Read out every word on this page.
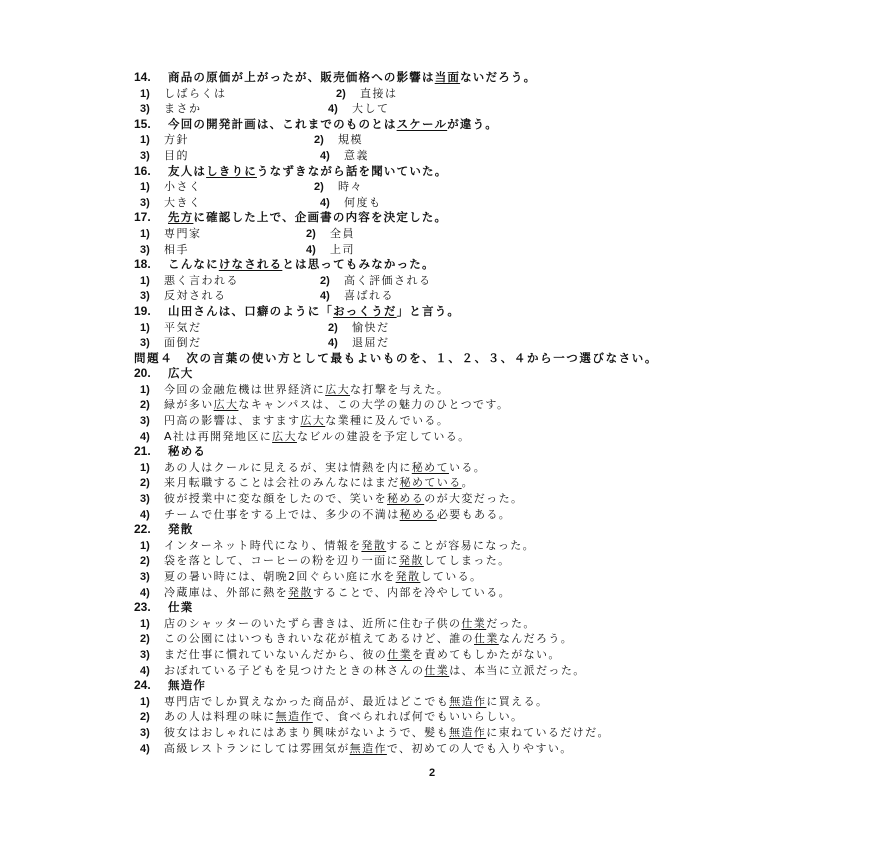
14. 商品の原価が上がったが、販売価格への影響は当面ないだろう。
1) しばらくは	2) 直接は
3) まさか	4) 大して
15. 今回の開発計画は、これまでのものとはスケールが違う。
1) 方針	2) 規模
3) 目的	4) 意義
16. 友人はしきりにうなずきながら話を聞いていた。
1) 小さく	2) 時々
3) 大きく	4) 何度も
17. 先方に確認した上で、企画書の内容を決定した。
1) 専門家	2) 全員
3) 相手	4) 上司
18. こんなにけなされるとは思ってもみなかった。
1) 悪く言われる	2) 高く評価される
3) 反対される	4) 喜ばれる
19. 山田さんは、口癖のように「おっくうだ」と言う。
1) 平気だ	2) 愉快だ
3) 面倒だ	4) 退屈だ
問題４　次の言葉の使い方として最もよいものを、１、２、３、４から一つ選びなさい。
20. 広大
1) 今回の金融危機は世界経済に広大な打撃を与えた。
2) 緑が多い広大なキャンパスは、この大学の魅力のひとつです。
3) 円高の影響は、ますます広大な業種に及んでいる。
4) A社は再開発地区に広大なビルの建設を予定している。
21. 秘める
1) あの人はクールに見えるが、実は情熱を内に秘めている。
2) 来月転職することは会社のみんなにはまだ秘めている。
3) 彼が授業中に変な顔をしたので、笑いを秘めるのが大変だった。
4) チームで仕事をする上では、多少の不満は秘める必要もある。
22. 発散
1) インターネット時代になり、情報を発散することが容易になった。
2) 袋を落として、コーヒーの粉を辺り一面に発散してしまった。
3) 夏の暑い時には、朝晩2回ぐらい庭に水を発散している。
4) 冷蔵庫は、外部に熱を発散することで、内部を冷やしている。
23. 仕業
1) 店のシャッターのいたずら書きは、近所に住む子供の仕業だった。
2) この公園にはいつもきれいな花が植えてあるけど、誰の仕業なんだろう。
3) まだ仕事に慣れていないんだから、彼の仕業を責めてもしかたがない。
4) おぼれている子どもを見つけたときの林さんの仕業は、本当に立派だった。
24. 無造作
1) 専門店でしか買えなかった商品が、最近はどこでも無造作に買える。
2) あの人は料理の味に無造作で、食べられれば何でもいいらしい。
3) 彼女はおしゃれにはあまり興味がないようで、髪も無造作に束ねているだけだ。
4) 高級レストランにしては雰囲気が無造作で、初めての人でも入りやすい。
2
